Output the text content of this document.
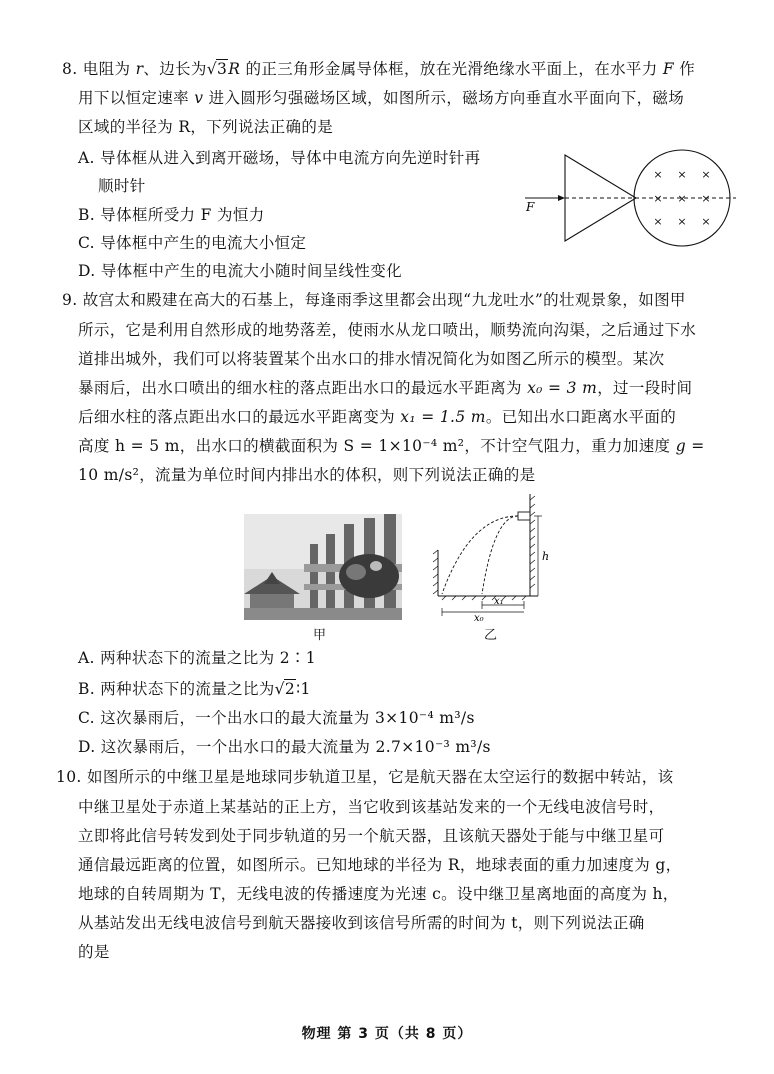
8. 电阻为 r、边长为√3R 的正三角形金属导体框，放在光滑绝缘水平面上，在水平力 F 作
用下以恒定速率 v 进入圆形匀强磁场区域，如图所示，磁场方向垂直水平面向下，磁场
区域的半径为 R，下列说法正确的是
A. 导体框从进入到离开磁场，导体中电流方向先逆时针再
顺时针
B. 导体框所受力 F 为恒力
C. 导体框中产生的电流大小恒定
D. 导体框中产生的电流大小随时间呈线性变化
× × ×
× × ×
× × ×
F
9. 故宫太和殿建在高大的石基上，每逢雨季这里都会出现“九龙吐水”的壮观景象，如图甲
所示，它是利用自然形成的地势落差，使雨水从龙口喷出，顺势流向沟渠，之后通过下水
道排出城外，我们可以将装置某个出水口的排水情况简化为如图乙所示的模型。某次
暴雨后，出水口喷出的细水柱的落点距出水口的最远水平距离为 x₀ = 3 m，过一段时间
后细水柱的落点距出水口的最远水平距离变为 x₁ = 1.5 m。已知出水口距离水平面的
高度 h = 5 m，出水口的横截面积为 S = 1×10⁻⁴ m²，不计空气阻力，重力加速度 g =
10 m/s²，流量为单位时间内排出水的体积，则下列说法正确的是
甲
h
x₁
x₀
乙
A. 两种状态下的流量之比为 2∶1
B. 两种状态下的流量之比为√2∶1
C. 这次暴雨后，一个出水口的最大流量为 3×10⁻⁴ m³/s
D. 这次暴雨后，一个出水口的最大流量为 2.7×10⁻³ m³/s
10. 如图所示的中继卫星是地球同步轨道卫星，它是航天器在太空运行的数据中转站，该
中继卫星处于赤道上某基站的正上方，当它收到该基站发来的一个无线电波信号时，
立即将此信号转发到处于同步轨道的另一个航天器，且该航天器处于能与中继卫星可
通信最远距离的位置，如图所示。已知地球的半径为 R，地球表面的重力加速度为 g，
地球的自转周期为 T，无线电波的传播速度为光速 c。设中继卫星离地面的高度为 h，
从基站发出无线电波信号到航天器接收到该信号所需的时间为 t，则下列说法正确
的是
物理 第 3 页（共 8 页）
